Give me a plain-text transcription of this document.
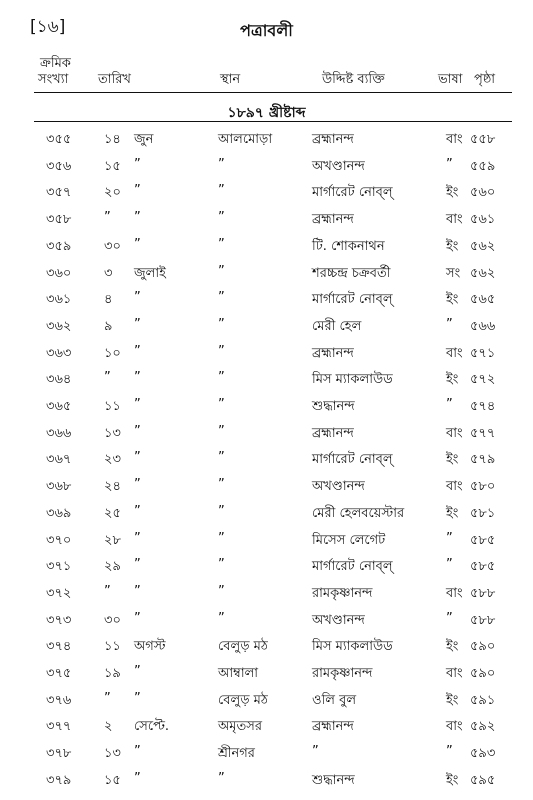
[১৬]	পত্রাবলী
ক্রমিক
সংখ্যা তারিখ	স্থান	উদ্দিষ্ট ব্যক্তি	ভাষা পৃষ্ঠা
১৮৯৭ খ্রীষ্টাব্দ
৩৫৫	১৪ জুন	আলমোড়া	ব্রহ্মানন্দ	বাং ৫৫৮
৩৫৬	১৫ ”	”	অখণ্ডানন্দ	” ৫৫৯
৩৫৭	২০ ”	”	মার্গারেট নোব্‌ল্‌	ইং ৫৬০
৩৫৮	” ”	”	ব্রহ্মানন্দ	বাং ৫৬১
৩৫৯	৩০ ”	”	টি. শোকনাথন	ইং ৫৬২
৩৬০	৩ জুলাই	”	শরচ্চন্দ্র চক্রবর্তী	সং ৫৬২
৩৬১	৪ ”	”	মার্গারেট নোব্‌ল্‌	ইং ৫৬৫
৩৬২	৯ ”	”	মেরী হেল	” ৫৬৬
৩৬৩	১০ ”	”	ব্রহ্মানন্দ	বাং ৫৭১
৩৬৪	” ”	”	মিস ম্যাকলাউড	ইং ৫৭২
৩৬৫	১১ ”	”	শুদ্ধানন্দ	” ৫৭৪
৩৬৬	১৩ ”	”	ব্রহ্মানন্দ	বাং ৫৭৭
৩৬৭	২৩ ”	”	মার্গারেট নোব্‌ল্‌	ইং ৫৭৯
৩৬৮	২৪ ”	”	অখণ্ডানন্দ	বাং ৫৮০
৩৬৯	২৫ ”	”	মেরী হেলবয়েস্টার	ইং ৫৮১
৩৭০	২৮ ”	”	মিসেস লেগেট	” ৫৮৫
৩৭১	২৯ ”	”	মার্গারেট নোব্‌ল্‌	” ৫৮৫
৩৭২	” ”	”	রামকৃষ্ণানন্দ	বাং ৫৮৮
৩৭৩	৩০ ”	”	অখণ্ডানন্দ	” ৫৮৮
৩৭৪	১১ অগস্ট	বেলুড় মঠ	মিস ম্যাকলাউড	ইং ৫৯০
৩৭৫	১৯ ”	আম্বালা	রামকৃষ্ণানন্দ	বাং ৫৯০
৩৭৬	” ”	বেলুড় মঠ	ওলি বুল	ইং ৫৯১
৩৭৭	২ সেপ্টে.	অমৃতসর	ব্রহ্মানন্দ	বাং ৫৯২
৩৭৮	১৩ ”	শ্রীনগর	”	” ৫৯৩
৩৭৯	১৫ ”	”	শুদ্ধানন্দ	ইং ৫৯৫
